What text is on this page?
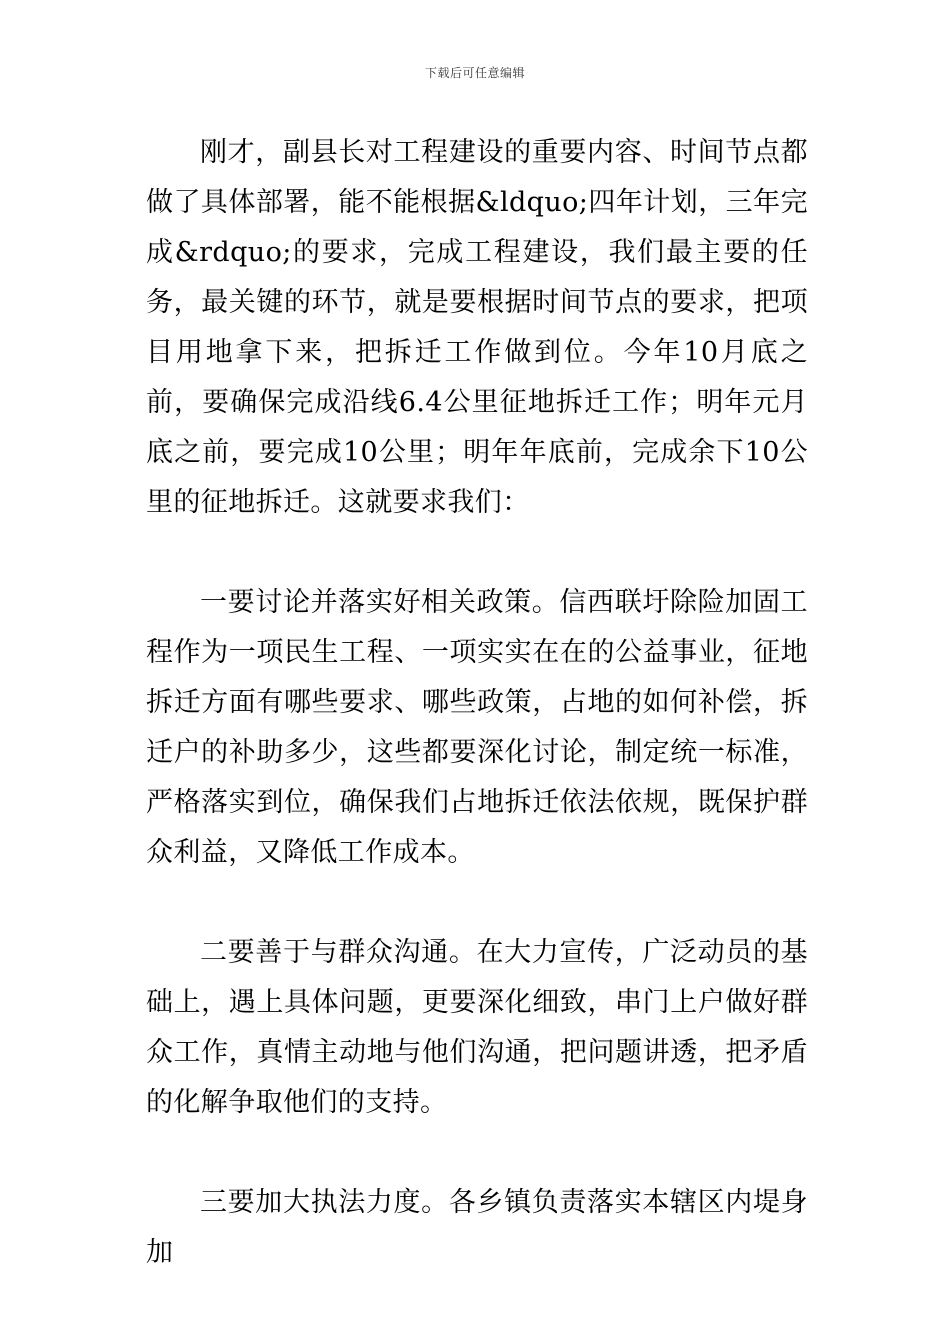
下载后可任意编辑

刚才，副县长对工程建设的重要内容、时间节点都做了具体部署，能不能根据&ldquo;四年计划，三年完成&rdquo;的要求，完成工程建设，我们最主要的任务，最关键的环节，就是要根据时间节点的要求，把项目用地拿下来，把拆迁工作做到位。今年10月底之前，要确保完成沿线6.4公里征地拆迁工作；明年元月底之前，要完成10公里；明年年底前，完成余下10公里的征地拆迁。这就要求我们：

一要讨论并落实好相关政策。信西联圩除险加固工程作为一项民生工程、一项实实在在的公益事业，征地拆迁方面有哪些要求、哪些政策，占地的如何补偿，拆迁户的补助多少，这些都要深化讨论，制定统一标准，严格落实到位，确保我们占地拆迁依法依规，既保护群众利益，又降低工作成本。

二要善于与群众沟通。在大力宣传，广泛动员的基础上，遇上具体问题，更要深化细致，串门上户做好群众工作，真情主动地与他们沟通，把问题讲透，把矛盾的化解争取他们的支持。

三要加大执法力度。各乡镇负责落实本辖区内堤身加
